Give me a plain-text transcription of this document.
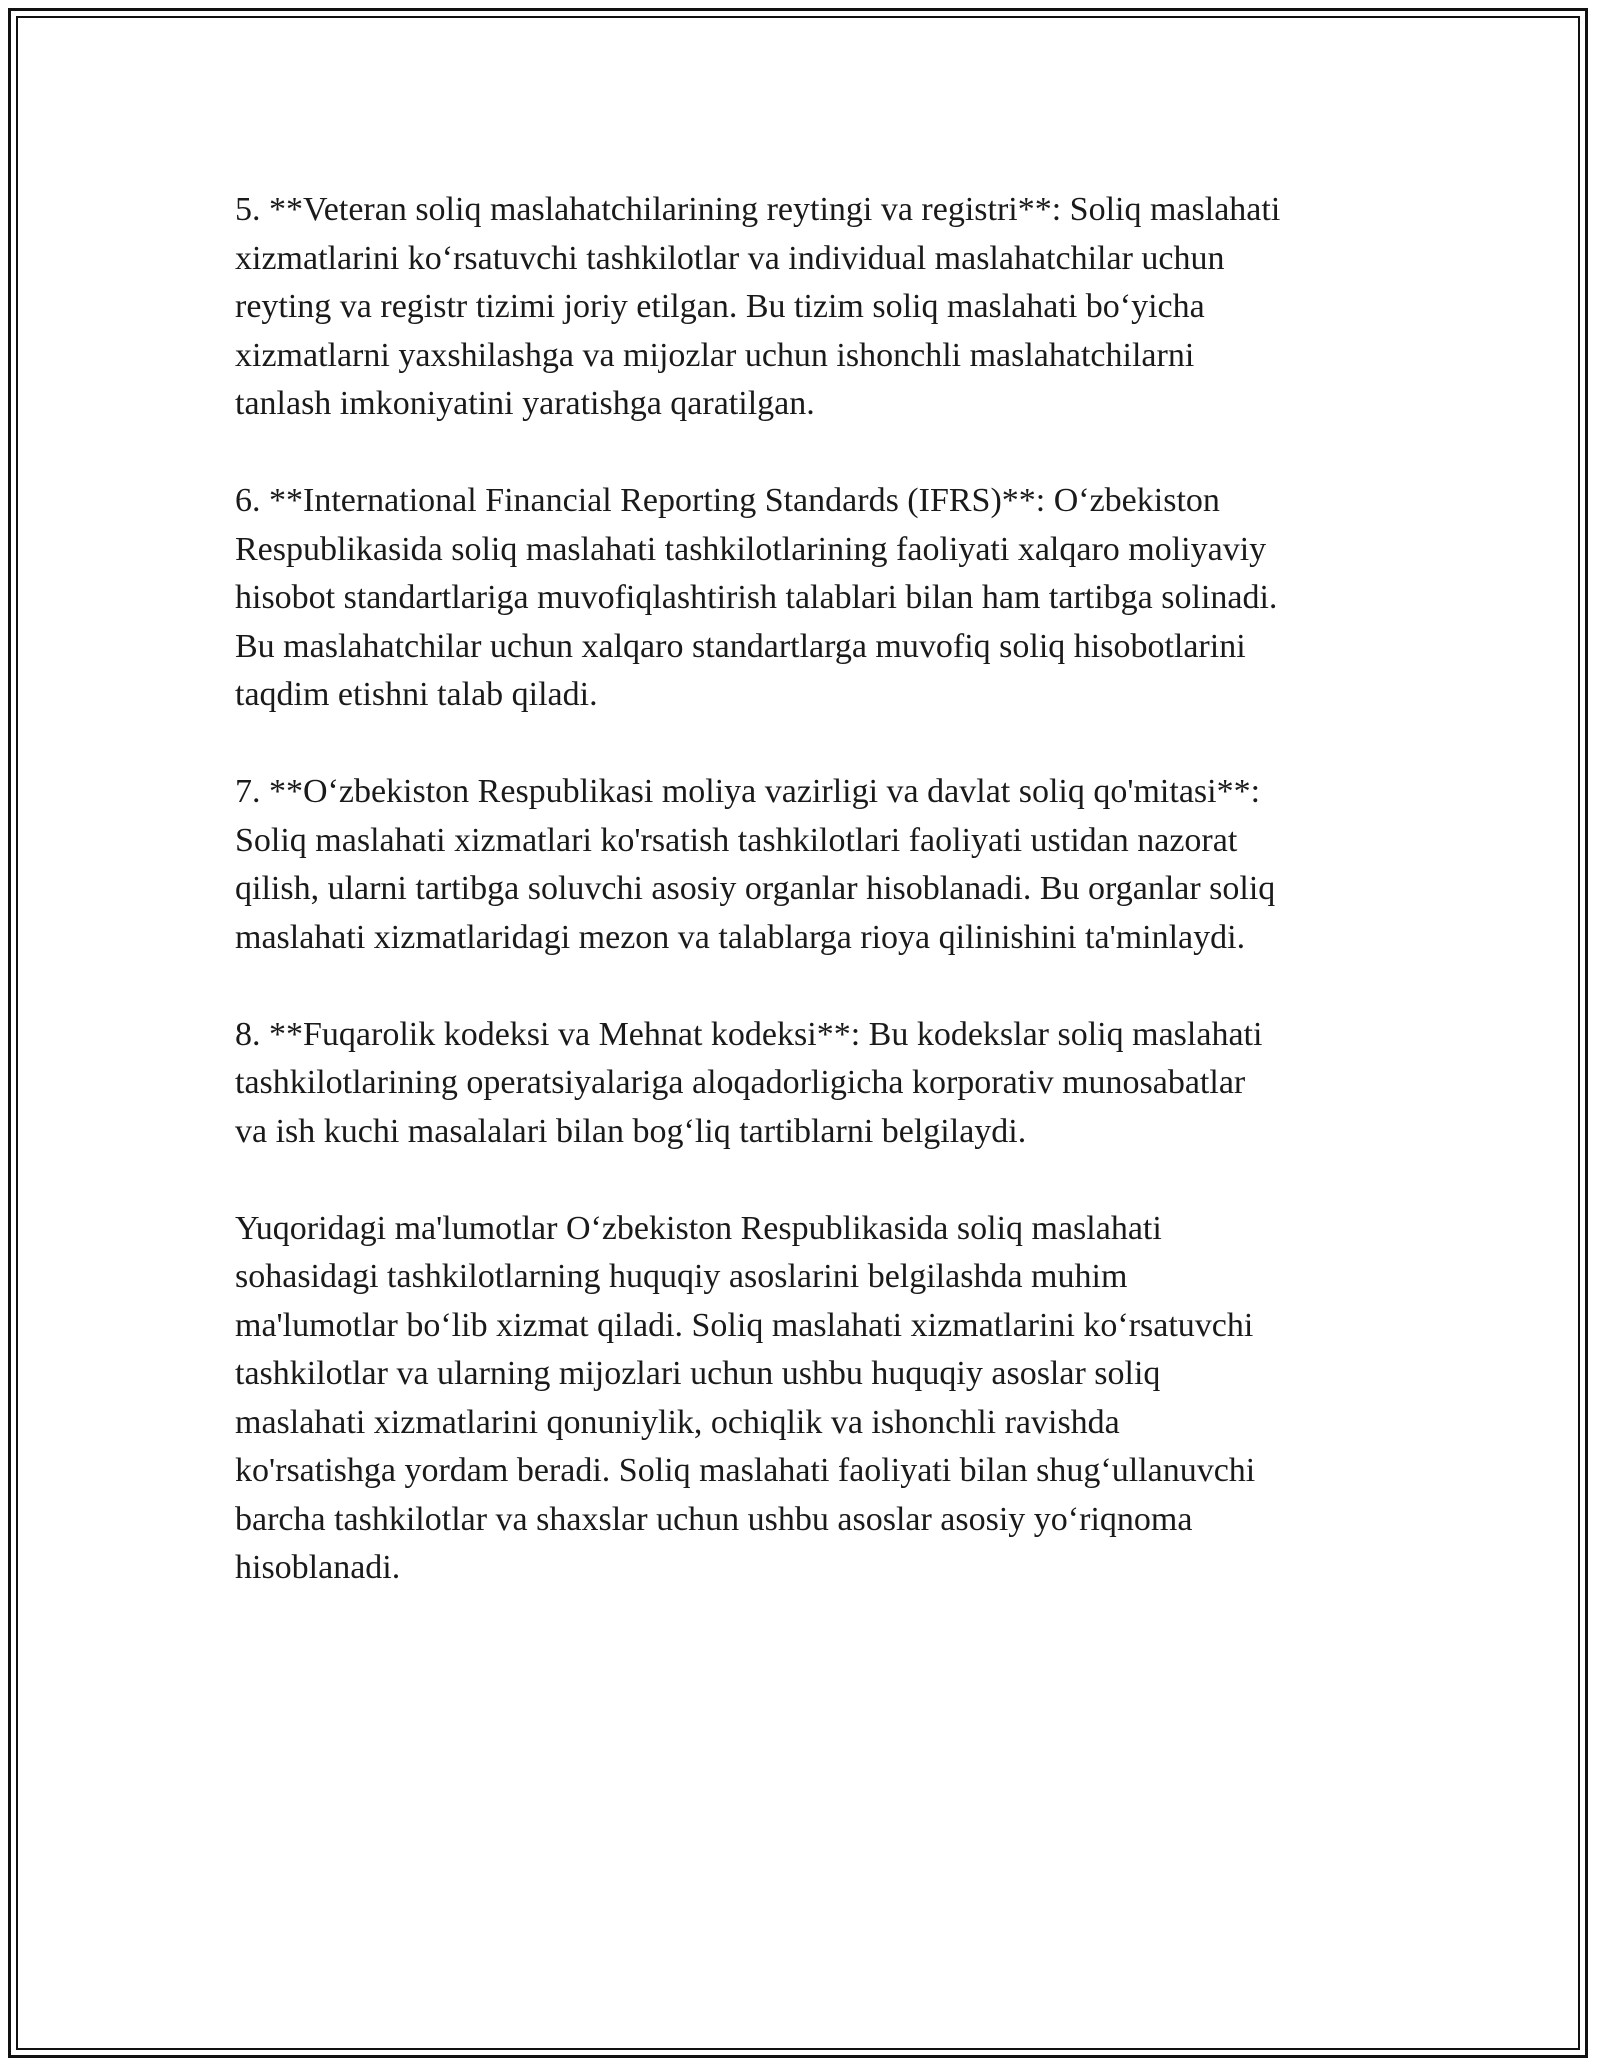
5. **Veteran soliq maslahatchilarining reytingi va registri**: Soliq maslahati
xizmatlarini ko‘rsatuvchi tashkilotlar va individual maslahatchilar uchun
reyting va registr tizimi joriy etilgan. Bu tizim soliq maslahati bo‘yicha
xizmatlarni yaxshilashga va mijozlar uchun ishonchli maslahatchilarni
tanlash imkoniyatini yaratishga qaratilgan.
6. **International Financial Reporting Standards (IFRS)**: O‘zbekiston
Respublikasida soliq maslahati tashkilotlarining faoliyati xalqaro moliyaviy
hisobot standartlariga muvofiqlashtirish talablari bilan ham tartibga solinadi.
Bu maslahatchilar uchun xalqaro standartlarga muvofiq soliq hisobotlarini
taqdim etishni talab qiladi.
7. **O‘zbekiston Respublikasi moliya vazirligi va davlat soliq qo'mitasi**:
Soliq maslahati xizmatlari ko'rsatish tashkilotlari faoliyati ustidan nazorat
qilish, ularni tartibga soluvchi asosiy organlar hisoblanadi. Bu organlar soliq
maslahati xizmatlaridagi mezon va talablarga rioya qilinishini ta'minlaydi.
8. **Fuqarolik kodeksi va Mehnat kodeksi**: Bu kodekslar soliq maslahati
tashkilotlarining operatsiyalariga aloqadorligicha korporativ munosabatlar
va ish kuchi masalalari bilan bog‘liq tartiblarni belgilaydi.
Yuqoridagi ma'lumotlar O‘zbekiston Respublikasida soliq maslahati
sohasidagi tashkilotlarning huquqiy asoslarini belgilashda muhim
ma'lumotlar bo‘lib xizmat qiladi. Soliq maslahati xizmatlarini ko‘rsatuvchi
tashkilotlar va ularning mijozlari uchun ushbu huquqiy asoslar soliq
maslahati xizmatlarini qonuniylik, ochiqlik va ishonchli ravishda
ko'rsatishga yordam beradi. Soliq maslahati faoliyati bilan shug‘ullanuvchi
barcha tashkilotlar va shaxslar uchun ushbu asoslar asosiy yo‘riqnoma
hisoblanadi.
